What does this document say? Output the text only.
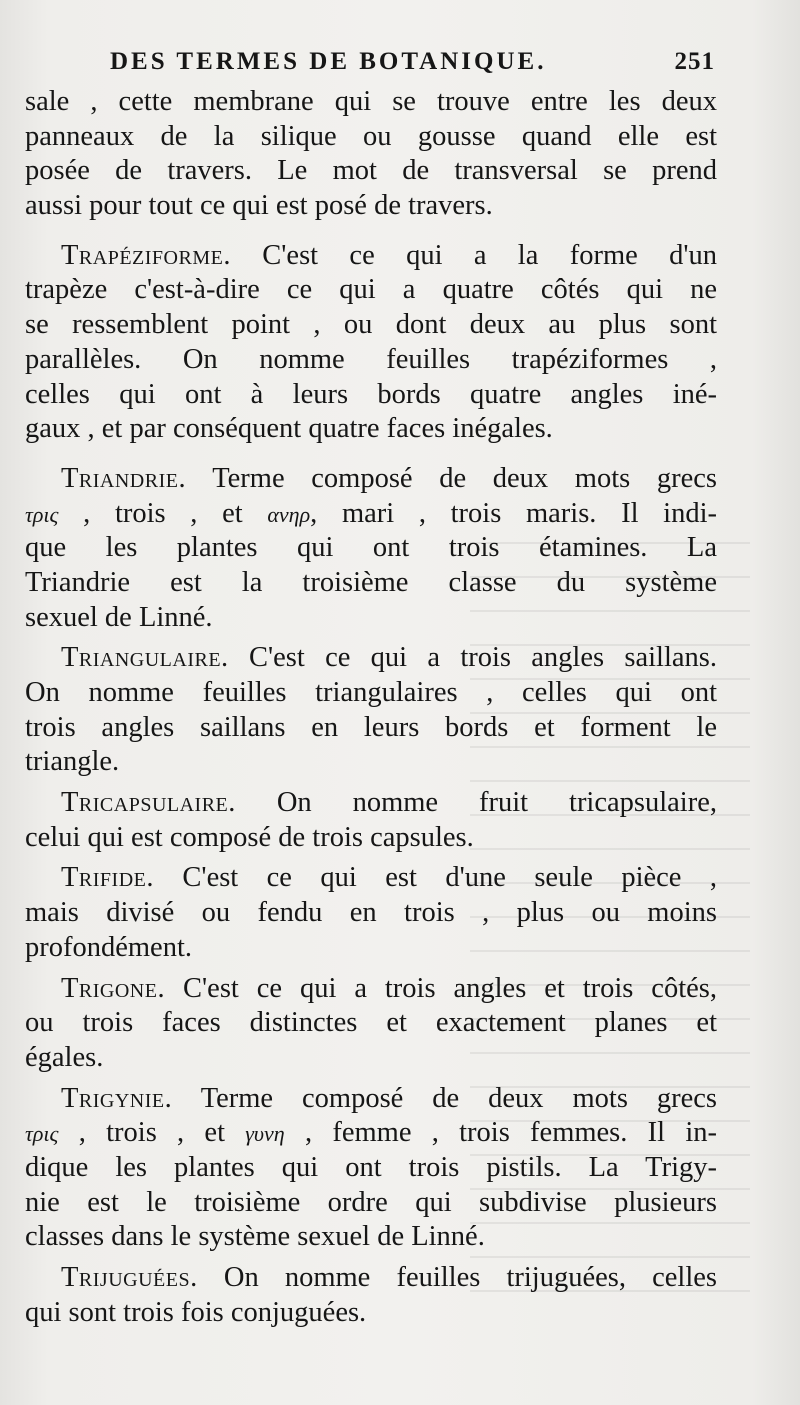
DES TERMES DE BOTANIQUE.	251
sale , cette membrane qui se trouve entre les deux
panneaux de la silique ou gousse quand elle est
posée de travers. Le mot de transversal se prend
aussi pour tout ce qui est posé de travers.
Trapéziforme. C'est ce qui a la forme d'un
trapèze c'est-à-dire ce qui a quatre côtés qui ne
se ressemblent point , ou dont deux au plus sont
parallèles. On nomme feuilles trapéziformes ,
celles qui ont à leurs bords quatre angles iné-
gaux , et par conséquent quatre faces inégales.
Triandrie. Terme composé de deux mots grecs
τρις , trois , et ανηρ, mari , trois maris. Il indi-
que les plantes qui ont trois étamines. La
Triandrie est la troisième classe du système
sexuel de Linné.
Triangulaire. C'est ce qui a trois angles saillans.
On nomme feuilles triangulaires , celles qui ont
trois angles saillans en leurs bords et forment le
triangle.
Tricapsulaire. On nomme fruit tricapsulaire,
celui qui est composé de trois capsules.
Trifide. C'est ce qui est d'une seule pièce ,
mais divisé ou fendu en trois , plus ou moins
profondément.
Trigone. C'est ce qui a trois angles et trois côtés,
ou trois faces distinctes et exactement planes et
égales.
Trigynie. Terme composé de deux mots grecs
τρις , trois , et γυνη , femme , trois femmes. Il in-
dique les plantes qui ont trois pistils. La Trigy-
nie est le troisième ordre qui subdivise plusieurs
classes dans le système sexuel de Linné.
Trijuguées. On nomme feuilles trijuguées, celles
qui sont trois fois conjuguées.
